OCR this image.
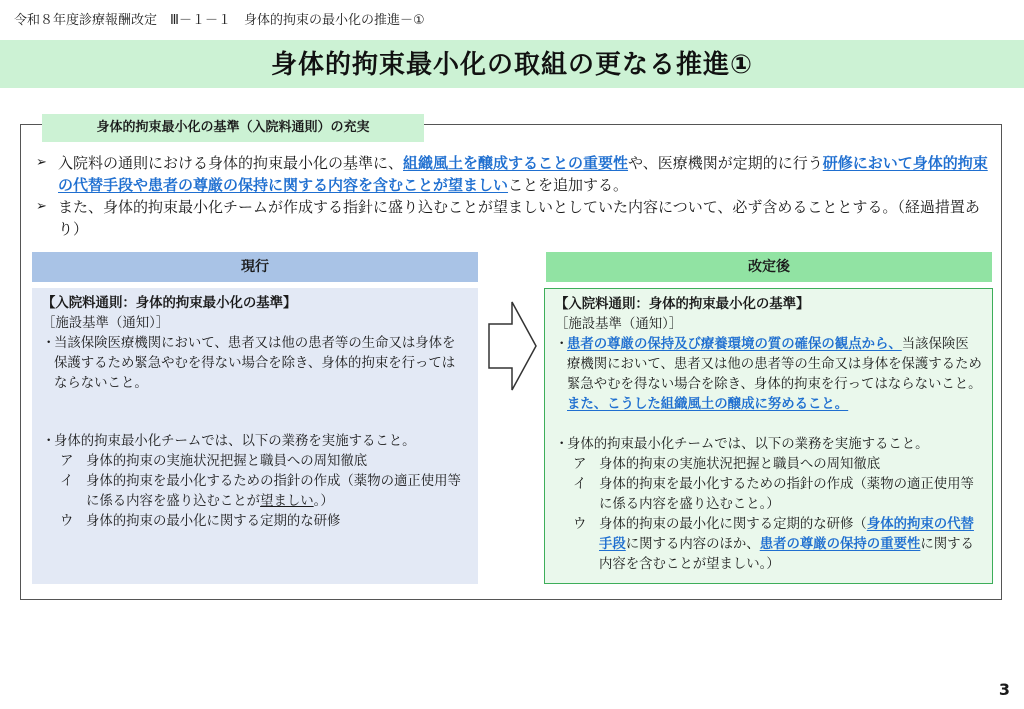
令和８年度診療報酬改定　Ⅲ－１－１　身体的拘束の最小化の推進－①
身体的拘束最小化の取組の更なる推進①
身体的拘束最小化の基準（入院料通則）の充実
➢ 入院料の通則における身体的拘束最小化の基準に、組織風土を醸成することの重要性や、医療機関が定期的に行う研修において身体的拘束の代替手段や患者の尊厳の保持に関する内容を含むことが望ましいことを追加する。
➢ また、身体的拘束最小化チームが作成する指針に盛り込むことが望ましいとしていた内容について、必ず含めることとする。（経過措置あり）
現行	改定後
【入院料通則：身体的拘束最小化の基準】
［施設基準（通知）］
・
当該保険医療機関において、患者又は他の患者等の生命又は身体を保護するため緊急やむを得ない場合を除き、身体的拘束を行ってはならないこと。
・
身体的拘束最小化チームでは、以下の業務を実施すること。
ア 身体的拘束の実施状況把握と職員への周知徹底
イ 身体的拘束を最小化するための指針の作成（薬物の適正使用等に係る内容を盛り込むことが望ましい。）
ウ 身体的拘束の最小化に関する定期的な研修
【入院料通則：身体的拘束最小化の基準】
［施設基準（通知）］
・
患者の尊厳の保持及び療養環境の質の確保の観点から、当該保険医療機関において、患者又は他の患者等の生命又は身体を保護するため緊急やむを得ない場合を除き、身体的拘束を行ってはならないこと。また、こうした組織風土の醸成に努めること。
・
身体的拘束最小化チームでは、以下の業務を実施すること。
ア 身体的拘束の実施状況把握と職員への周知徹底
イ 身体的拘束を最小化するための指針の作成（薬物の適正使用等に係る内容を盛り込むこと。）
ウ 身体的拘束の最小化に関する定期的な研修（身体的拘束の代替手段に関する内容のほか、患者の尊厳の保持の重要性に関する内容を含むことが望ましい。）
3
